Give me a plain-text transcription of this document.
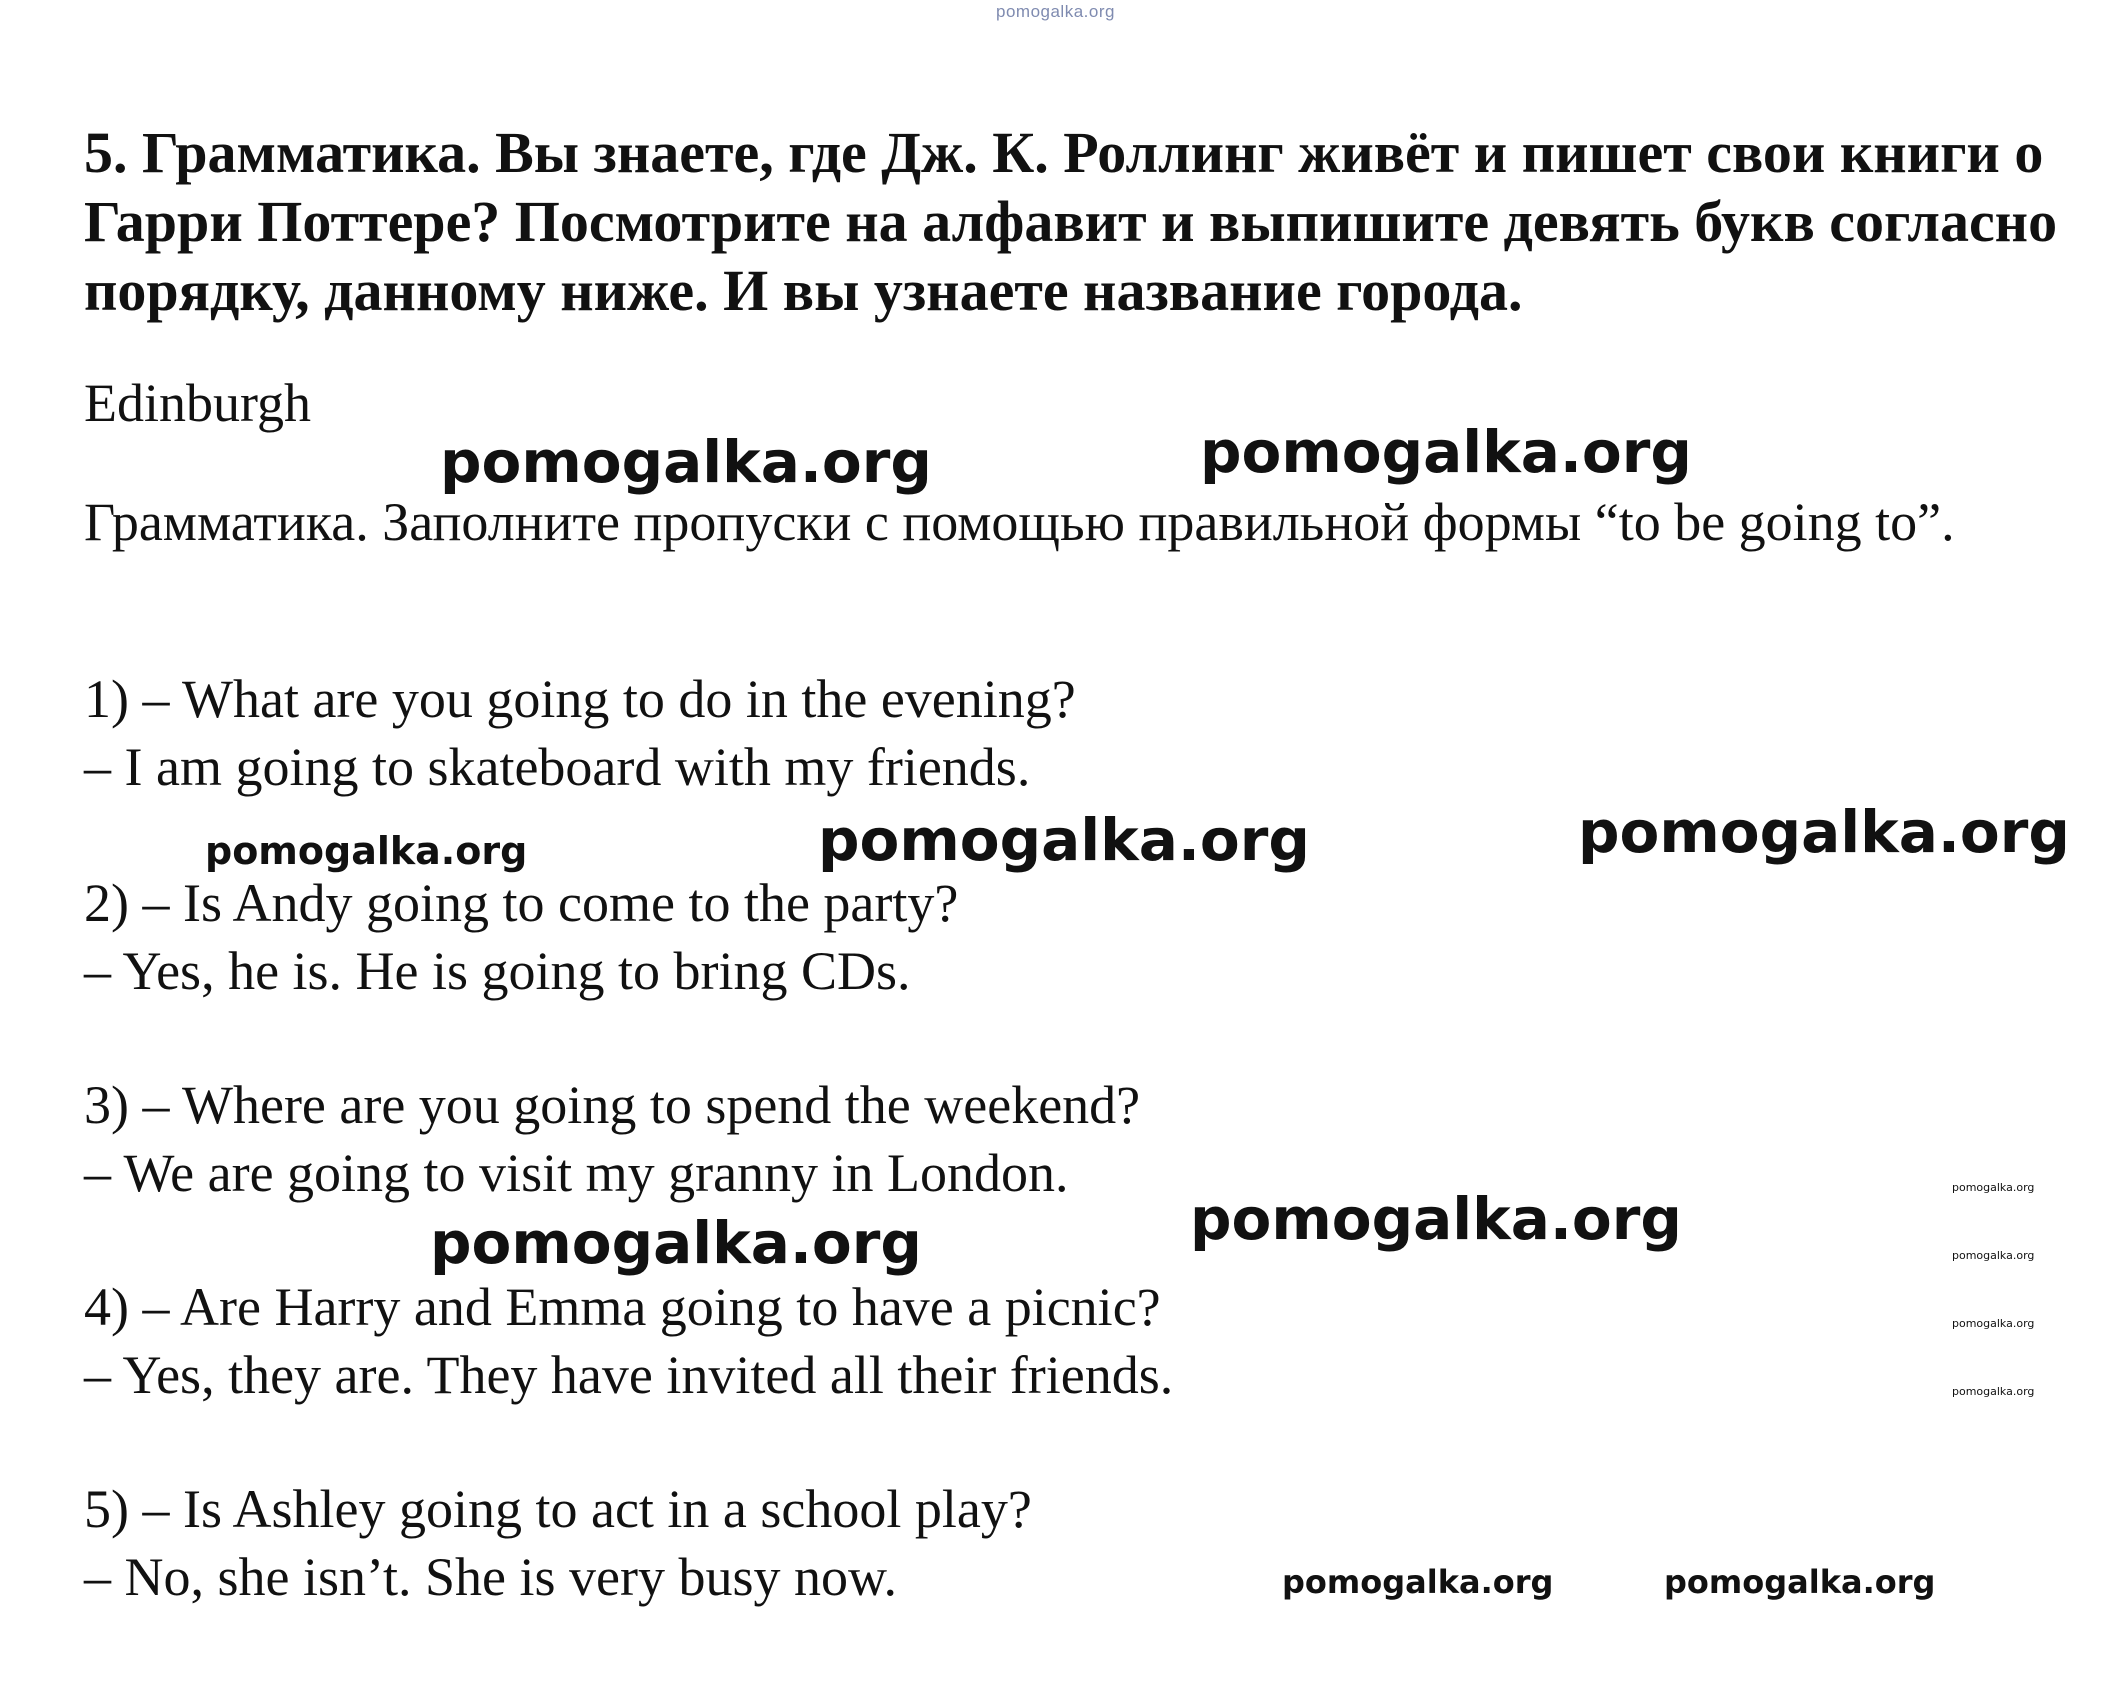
pomogalka.org

5. Грамматика. Вы знаете, где Дж. К. Роллинг живёт и пишет свои книги о Гарри Поттере? Посмотрите на алфавит и выпишите девять букв согласно порядку, данному ниже. И вы узнаете название города.

Edinburgh
pomogalka.org	pomogalka.org
Грамматика. Заполните пропуски с помощью правильной формы “to be going to”.
1) – What are you going to do in the evening?
– I am going to skateboard with my friends.
pomogalka.org	pomogalka.org	pomogalka.org
2) – Is Andy going to come to the party?
– Yes, he is. He is going to bring CDs.
3) – Where are you going to spend the weekend?
– We are going to visit my granny in London.	pomogalka.org
pomogalka.org
pomogalka.org	pomogalka.org
4) – Are Harry and Emma going to have a picnic?
– Yes, they are. They have invited all their friends.
pomogalka.org
pomogalka.org
5) – Is Ashley going to act in a school play?
– No, she isn’t. She is very busy now.	pomogalka.org	pomogalka.org
